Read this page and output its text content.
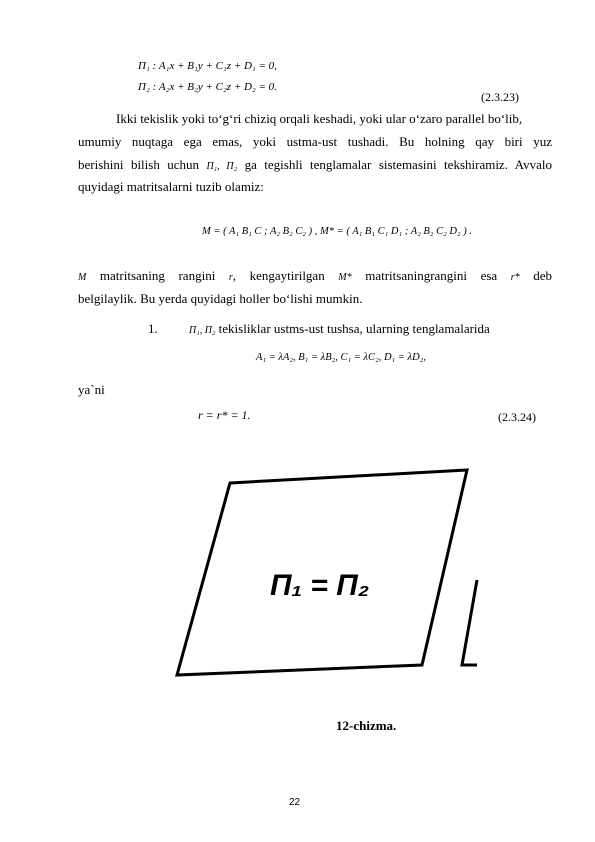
Π₁ : A₁x + B₁y + C₁z + D₁ = 0,
Π₂ : A₂x + B₂y + C₂z + D₂ = 0.
(2.3.23)
Ikki tekislik yoki to‘g‘ri chiziq orqali keshadi, yoki ular o‘zaro parallel bo‘lib,
umumiy nuqtaga ega emas, yoki ustma-ust tushadi. Bu holning qay biri yuz
berishini bilish uchun Π₁, Π₂ ga tegishli tenglamalar sistemasini tekshiramiz. Avvalo
quyidagi matritsalarni tuzib olamiz:
M = ( A₁ B₁ C ; A₂ B₂ C₂ ) , M* = ( A₁ B₁ C₁ D₁ ; A₂ B₂ C₂ D₂ ) .
M matritsaning rangini r, kengaytirilgan M* matritsaningrangini esa r* deb
belgilaylik. Bu yerda quyidagi holler bo‘lishi mumkin.
1.	Π₁, Π₂ tekisliklar ustms-ust tushsa, ularning tenglamalarida
A₁ = λA₂, B₁ = λB₂, C₁ = λC₂, D₁ = λD₂,
ya`ni
r = r* = 1.	(2.3.24)
Π₁ = Π₂
12-chizma.
22
